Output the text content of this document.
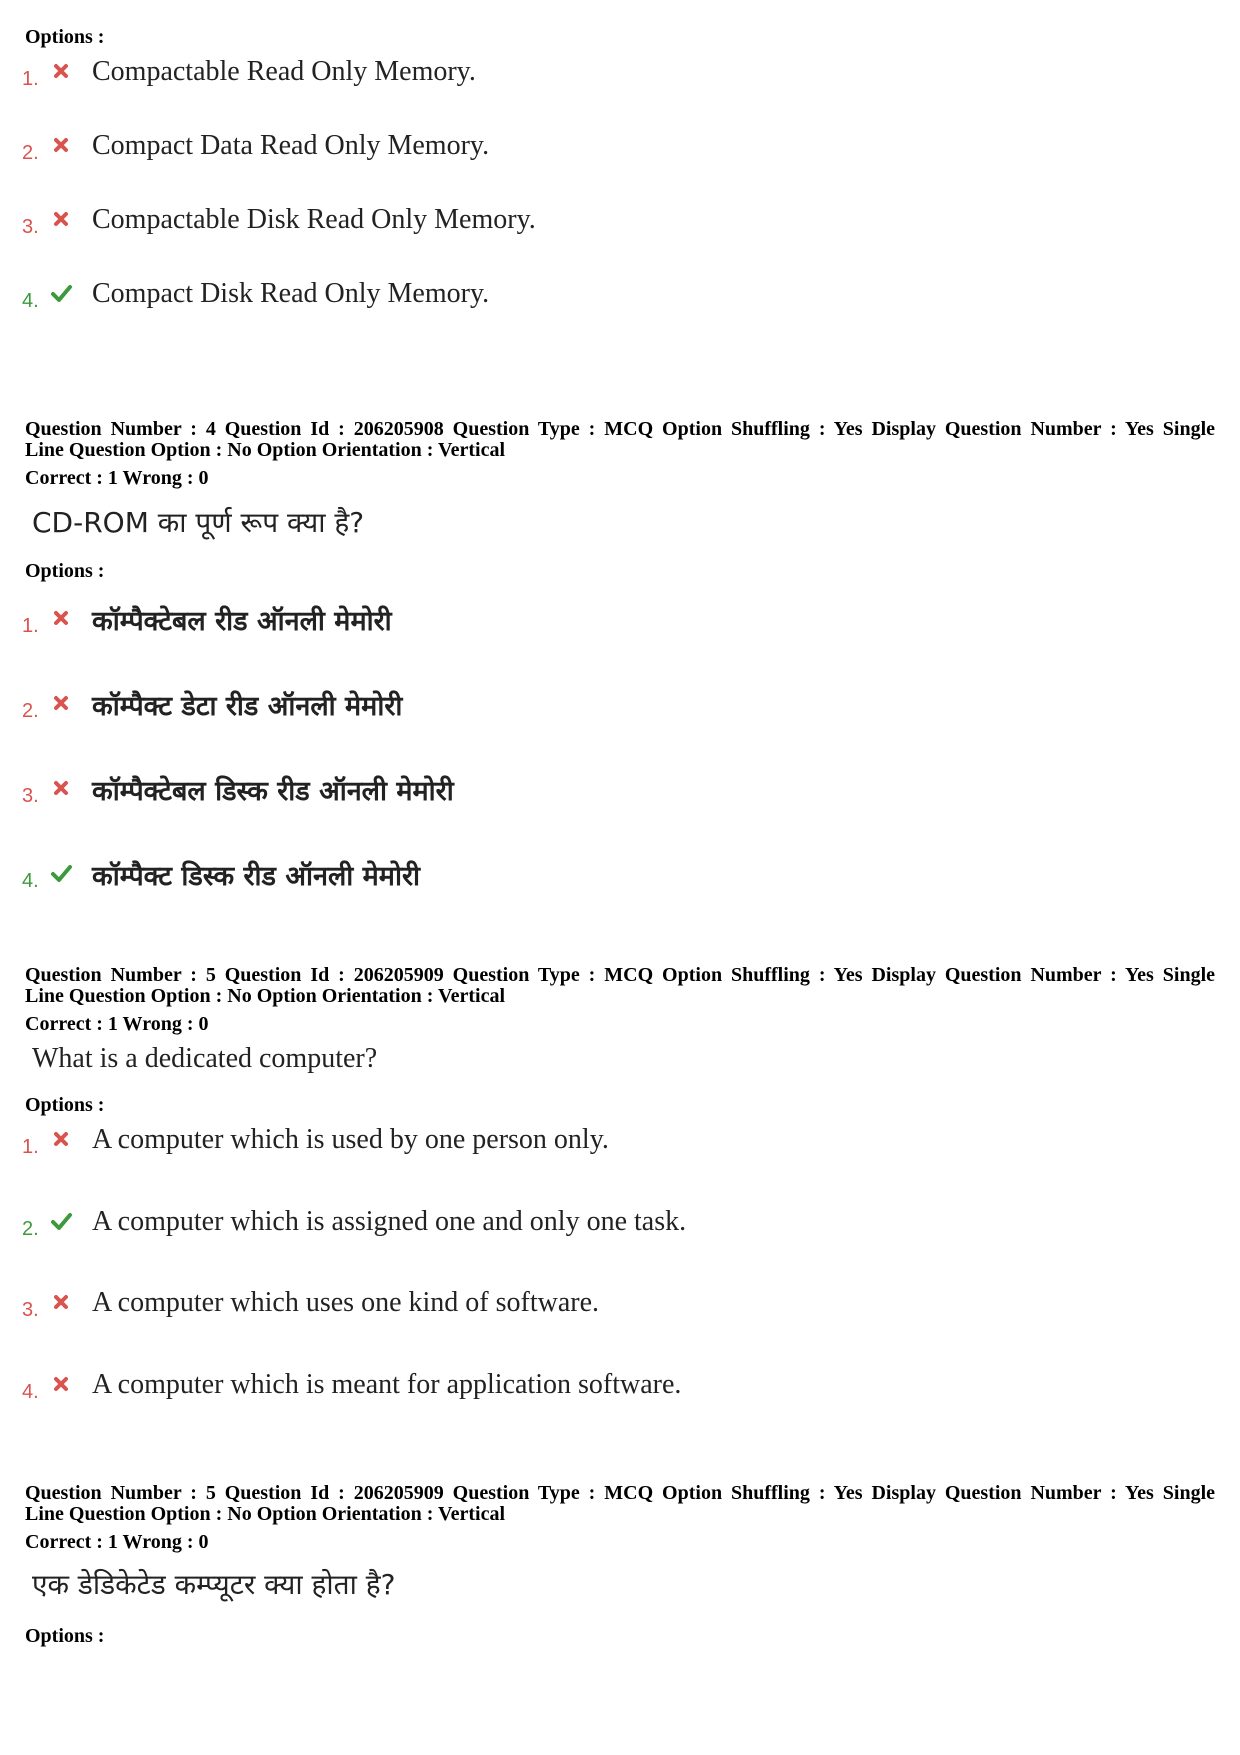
Options :
1. Compactable Read Only Memory.
2. Compact Data Read Only Memory.
3. Compactable Disk Read Only Memory.
4. Compact Disk Read Only Memory.
Question Number : 4 Question Id : 206205908 Question Type : MCQ Option Shuffling : Yes Display Question Number : Yes Single
Line Question Option : No Option Orientation : Vertical
Correct : 1 Wrong : 0
CD-ROM का पूर्ण रूप क्या है?
Options :
1. कॉम्पैक्टेबल रीड ऑनली मेमोरी
2. कॉम्पैक्ट डेटा रीड ऑनली मेमोरी
3. कॉम्पैक्टेबल डिस्क रीड ऑनली मेमोरी
4. कॉम्पैक्ट डिस्क रीड ऑनली मेमोरी
Question Number : 5 Question Id : 206205909 Question Type : MCQ Option Shuffling : Yes Display Question Number : Yes Single
Line Question Option : No Option Orientation : Vertical
Correct : 1 Wrong : 0
What is a dedicated computer?
Options :
1. A computer which is used by one person only.
2. A computer which is assigned one and only one task.
3. A computer which uses one kind of software.
4. A computer which is meant for application software.
Question Number : 5 Question Id : 206205909 Question Type : MCQ Option Shuffling : Yes Display Question Number : Yes Single
Line Question Option : No Option Orientation : Vertical
Correct : 1 Wrong : 0
एक डेडिकेटेड कम्प्यूटर क्या होता है?
Options :
